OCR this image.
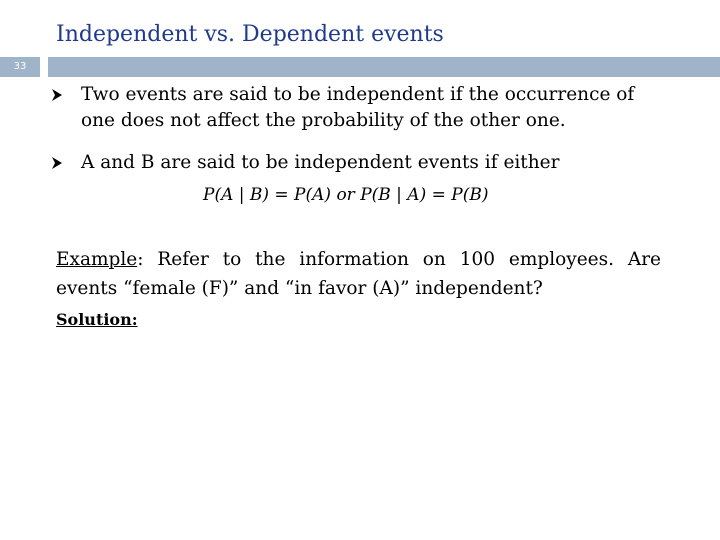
Independent vs. Dependent events
33
Two events are said to be independent if the occurrence of one does not affect the probability of the other one.
A and B are said to be independent events if either
P(A | B) = P(A) or P(B | A) = P(B)
Example: Refer to the information on 100 employees. Are events “female (F)” and “in favor (A)” independent?
Solution:
